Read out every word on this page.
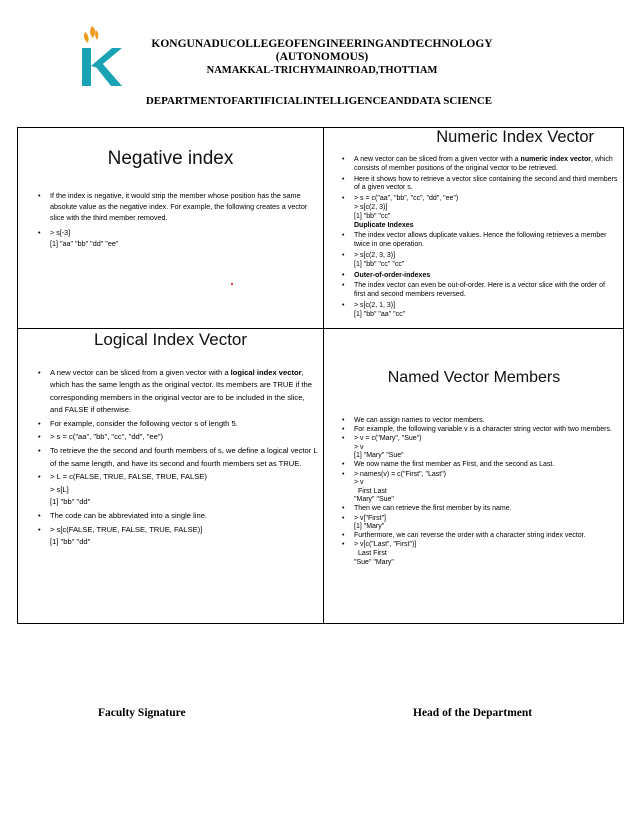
KONGUNADUCOLLEGEOFENGINEERINGANDTECHNOLOGY
(AUTONOMOUS)
NAMAKKAL-TRICHYMAINROAD,THOTTIAM
DEPARTMENTOFARTIFICIALINTELLIGENCEANDDATA SCIENCE
Negative index
• If the index is negative, it would strip the member whose position has the same absolute value as the negative index. For example, the following creates a vector slice with the third member removed.
• > s[-3]
[1] "aa" "bb" "dd" "ee"
Numeric Index Vector
• A new vector can be sliced from a given vector with a numeric index vector, which consists of member positions of the original vector to be retrieved.
• Here it shows how to retrieve a vector slice containing the second and third members of a given vector s.
• > s = c("aa", "bb", "cc", "dd", "ee")
> s[c(2, 3)]
[1] "bb" "cc"
Duplicate Indexes
• The index vector allows duplicate values. Hence the following retrieves a member twice in one operation.
• > s[c(2, 3, 3)]
[1] "bb" "cc" "cc"
• Outer-of-order-indexes
• The index vector can even be out-of-order. Here is a vector slice with the order of first and second members reversed.
• > s[c(2, 1, 3)]
[1] "bb" "aa" "cc"
Logical Index Vector
• A new vector can be sliced from a given vector with a logical index vector, which has the same length as the original vector. Its members are TRUE if the corresponding members in the original vector are to be included in the slice, and FALSE if otherwise.
• For example, consider the following vector s of length 5.
• > s = c("aa", "bb", "cc", "dd", "ee")
• To retrieve the the second and fourth members of s, we define a logical vector L of the same length, and have its second and fourth members set as TRUE.
• > L = c(FALSE, TRUE, FALSE, TRUE, FALSE)
> s[L]
[1] "bb" "dd"
• The code can be abbreviated into a single line.
• > s[c(FALSE, TRUE, FALSE, TRUE, FALSE)]
[1] "bb" "dd"
Named Vector Members
• We can assign names to vector members.
• For example, the following variable v is a character string vector with two members.
• > v = c("Mary", "Sue")
> v
[1] "Mary" "Sue"
• We now name the first member as First, and the second as Last.
• > names(v) = c("First", "Last")
> v
First Last
"Mary" "Sue"
• Then we can retrieve the first member by its name.
• > v["First"]
[1] "Mary"
• Furthermore, we can reverse the order with a character string index vector.
• > v[c("Last", "First")]
Last First
"Sue" "Mary"
Faculty Signature	Head of the Department
